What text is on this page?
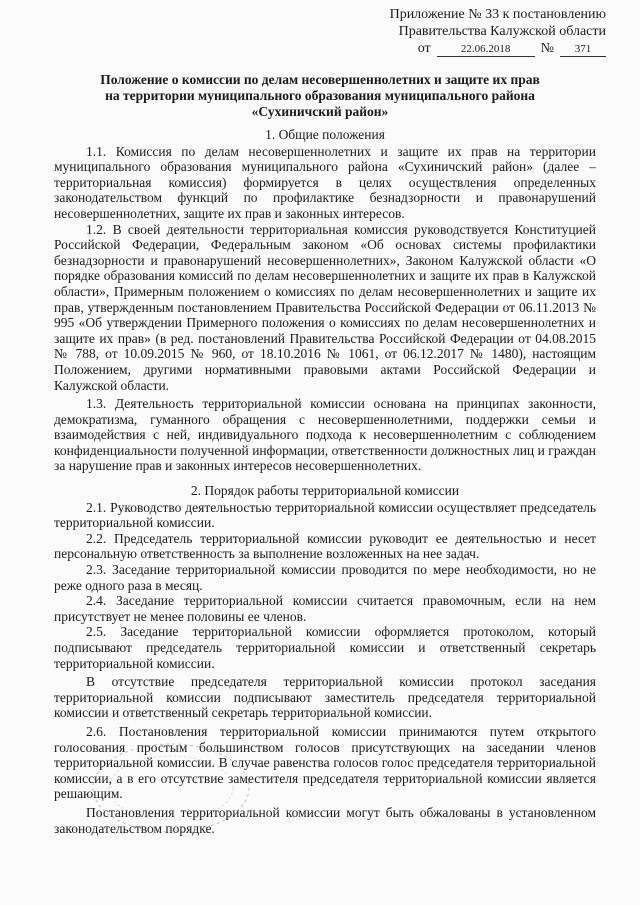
Приложение № 33 к постановлению
Правительства Калужской области
от	22.06.2018	№	371
Положение о комиссии по делам несовершеннолетних и защите их прав
на территории муниципального образования муниципального района
«Сухиничский район»
1. Общие положения

1.1. Комиссия по делам несовершеннолетних и защите их прав на территории муниципального образования муниципального района «Сухиничский район» (далее – территориальная комиссия) формируется в целях осуществления определенных законодательством функций по профилактике безнадзорности и правонарушений несовершеннолетних, защите их прав и законных интересов.

1.2. В своей деятельности территориальная комиссия руководствуется Конституцией Российской Федерации, Федеральным законом «Об основах системы профилактики безнадзорности и правонарушений несовершеннолетних», Законом Калужской области «О порядке образования комиссий по делам несовершеннолетних и защите их прав в Калужской области», Примерным положением о комиссиях по делам несовершеннолетних и защите их прав, утвержденным постановлением Правительства Российской Федерации от 06.11.2013 № 995 «Об утверждении Примерного положения о комиссиях по делам несовершеннолетних и защите их прав» (в ред. постановлений Правительства Российской Федерации от 04.08.2015 № 788, от 10.09.2015 № 960, от 18.10.2016 № 1061, от 06.12.2017 № 1480), настоящим Положением, другими нормативными правовыми актами Российской Федерации и Калужской области.

1.3. Деятельность территориальной комиссии основана на принципах законности, демократизма, гуманного обращения с несовершеннолетними, поддержки семьи и взаимодействия с ней, индивидуального подхода к несовершеннолетним с соблюдением конфиденциальности полученной информации, ответственности должностных лиц и граждан за нарушение прав и законных интересов несовершеннолетних.

2. Порядок работы территориальной комиссии

2.1. Руководство деятельностью территориальной комиссии осуществляет председатель территориальной комиссии.

2.2. Председатель территориальной комиссии руководит ее деятельностью и несет персональную ответственность за выполнение возложенных на нее задач.

2.3. Заседание территориальной комиссии проводится по мере необходимости, но не реже одного раза в месяц.

2.4. Заседание территориальной комиссии считается правомочным, если на нем присутствует не менее половины ее членов.

2.5. Заседание территориальной комиссии оформляется протоколом, который подписывают председатель территориальной комиссии и ответственный секретарь территориальной комиссии.

В отсутствие председателя территориальной комиссии протокол заседания территориальной комиссии подписывают заместитель председателя территориальной комиссии и ответственный секретарь территориальной комиссии.

2.6. Постановления территориальной комиссии принимаются путем открытого голосования простым большинством голосов присутствующих на заседании членов территориальной комиссии. В случае равенства голосов голос председателя территориальной комиссии, а в его отсутствие заместителя председателя территориальной комиссии является решающим.

Постановления территориальной комиссии могут быть обжалованы в установленном законодательством порядке.
